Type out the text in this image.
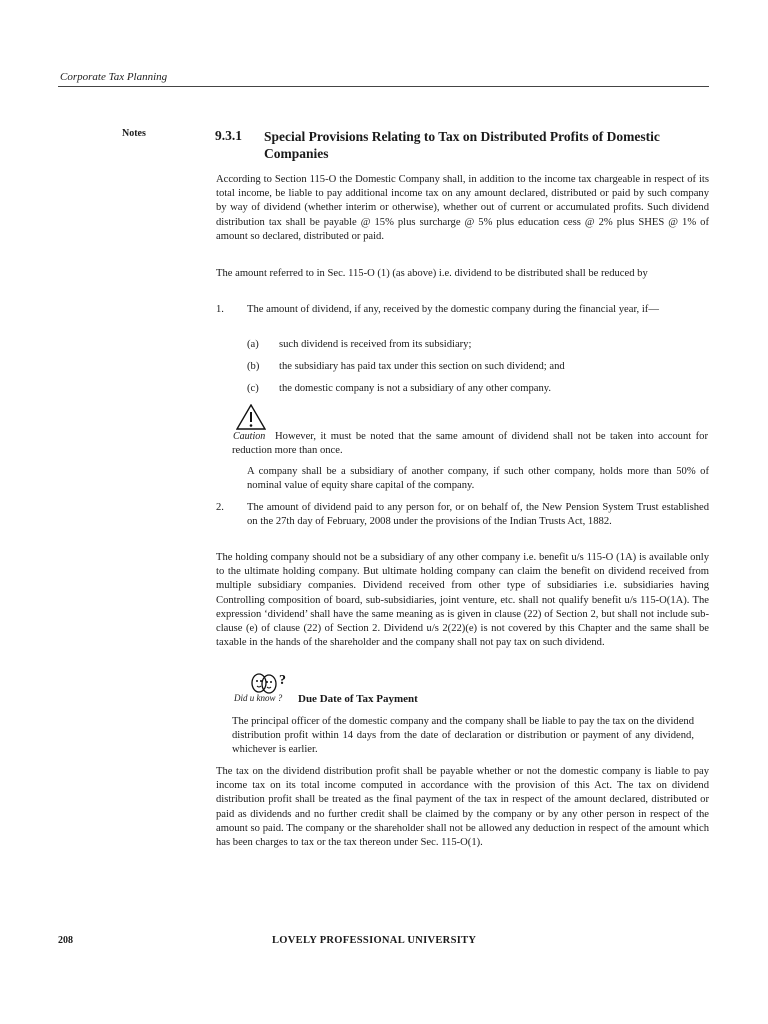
Corporate Tax Planning
Notes	9.3.1 Special Provisions Relating to Tax on Distributed Profits of Domestic Companies

According to Section 115-O the Domestic Company shall, in addition to the income tax chargeable in respect of its total income, be liable to pay additional income tax on any amount declared, distributed or paid by such company by way of dividend (whether interim or otherwise), whether out of current or accumulated profits. Such dividend distribution tax shall be payable @ 15% plus surcharge @ 5% plus education cess @ 2% plus SHES @ 1% of amount so declared, distributed or paid.

The amount referred to in Sec. 115-O (1) (as above) i.e. dividend to be distributed shall be reduced by

1. The amount of dividend, if any, received by the domestic company during the financial year, if—
(a) such dividend is received from its subsidiary;
(b) the subsidiary has paid tax under this section on such dividend; and
(c) the domestic company is not a subsidiary of any other company.
However, it must be noted that the same amount of dividend shall not be taken into account for reduction more than once.
Caution
A company shall be a subsidiary of another company, if such other company, holds more than 50% of nominal value of equity share capital of the company.
2. The amount of dividend paid to any person for, or on behalf of, the New Pension System Trust established on the 27th day of February, 2008 under the provisions of the Indian Trusts Act, 1882.

The holding company should not be a subsidiary of any other company i.e. benefit u/s 115-O (1A) is available only to the ultimate holding company. But ultimate holding company can claim the benefit on dividend received from multiple subsidiary companies. Dividend received from other type of subsidiaries i.e. subsidiaries having Controlling composition of board, sub-subsidiaries, joint venture, etc. shall not qualify benefit u/s 115-O(1A). The expression ‘dividend’ shall have the same meaning as is given in clause (22) of Section 2, but shall not include sub-clause (e) of clause (22) of Section 2. Dividend u/s 2(22)(e) is not covered by this Chapter and the same shall be taxable in the hands of the shareholder and the company shall not pay tax on such dividend.

?
Did u know ? Due Date of Tax Payment
The principal officer of the domestic company and the company shall be liable to pay the tax on the dividend distribution profit within 14 days from the date of declaration or distribution or payment of any dividend, whichever is earlier.

The tax on the dividend distribution profit shall be payable whether or not the domestic company is liable to pay income tax on its total income computed in accordance with the provision of this Act. The tax on dividend distribution profit shall be treated as the final payment of the tax in respect of the amount declared, distributed or paid as dividends and no further credit shall be claimed by the company or by any other person in respect of the amount so paid. The company or the shareholder shall not be allowed any deduction in respect of the amount which has been charges to tax or the tax thereon under Sec. 115-O(1).

208	LOVELY PROFESSIONAL UNIVERSITY
